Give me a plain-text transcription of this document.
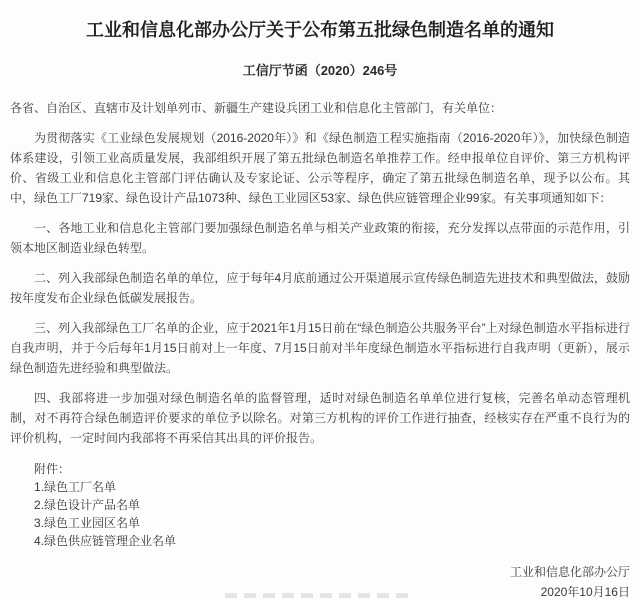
工业和信息化部办公厅关于公布第五批绿色制造名单的通知
工信厅节函（2020）246号
各省、自治区、直辖市及计划单列市、新疆生产建设兵团工业和信息化主管部门，有关单位：
为贯彻落实《工业绿色发展规划（2016-2020年）》和《绿色制造工程实施指南（2016-2020年）》，加快绿色制造体系建设，引领工业高质量发展，我部组织开展了第五批绿色制造名单推荐工作。经申报单位自评价、第三方机构评价、省级工业和信息化主管部门评估确认及专家论证、公示等程序，确定了第五批绿色制造名单，现予以公布。其中，绿色工厂719家、绿色设计产品1073种、绿色工业园区53家、绿色供应链管理企业99家。有关事项通知如下：
一、各地工业和信息化主管部门要加强绿色制造名单与相关产业政策的衔接，充分发挥以点带面的示范作用，引领本地区制造业绿色转型。
二、列入我部绿色制造名单的单位，应于每年4月底前通过公开渠道展示宣传绿色制造先进技术和典型做法，鼓励按年度发布企业绿色低碳发展报告。
三、列入我部绿色工厂名单的企业，应于2021年1月15日前在“绿色制造公共服务平台”上对绿色制造水平指标进行自我声明，并于今后每年1月15日前对上一年度、7月15日前对半年度绿色制造水平指标进行自我声明（更新），展示绿色制造先进经验和典型做法。
四、我部将进一步加强对绿色制造名单的监督管理，适时对绿色制造名单单位进行复核，完善名单动态管理机制，对不再符合绿色制造评价要求的单位予以除名。对第三方机构的评价工作进行抽查，经核实存在严重不良行为的评价机构，一定时间内我部将不再采信其出具的评价报告。
附件：
1.绿色工厂名单
2.绿色设计产品名单
3.绿色工业园区名单
4.绿色供应链管理企业名单
工业和信息化部办公厅
2020年10月16日
